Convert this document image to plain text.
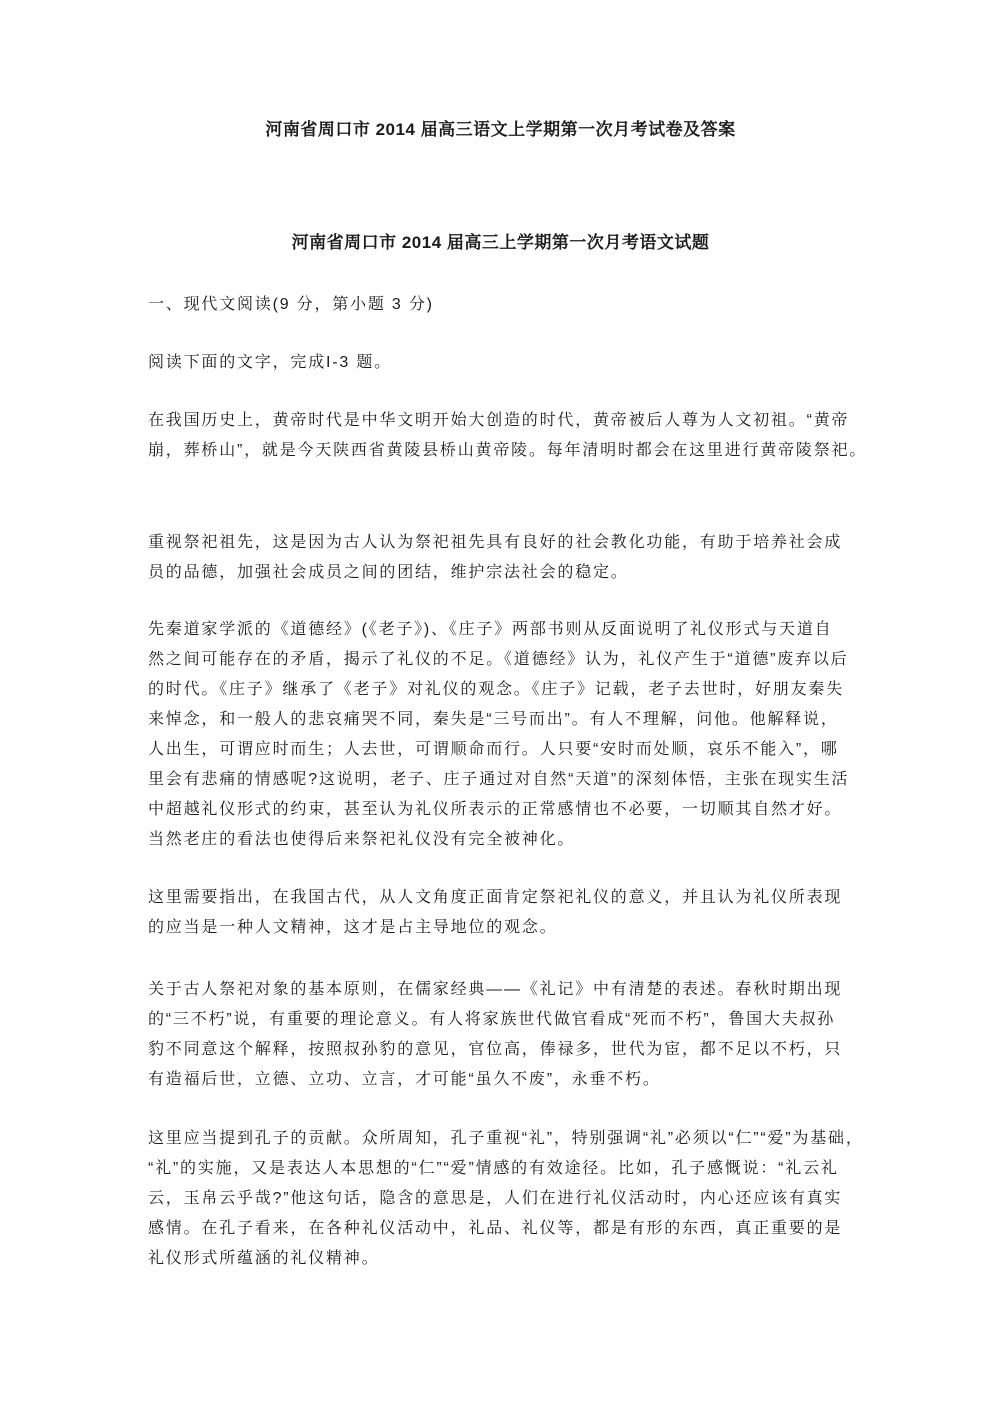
河南省周口市 2014 届高三语文上学期第一次月考试卷及答案
河南省周口市 2014 届高三上学期第一次月考语文试题
一、现代文阅读(9 分，第小题 3 分)
阅读下面的文字，完成I-3 题。
在我国历史上，黄帝时代是中华文明开始大创造的时代，黄帝被后人尊为人文初祖。“黄帝
崩，葬桥山”，就是今天陕西省黄陵县桥山黄帝陵。每年清明时都会在这里进行黄帝陵祭祀。
重视祭祀祖先，这是因为古人认为祭祀祖先具有良好的社会教化功能，有助于培养社会成
员的品德，加强社会成员之间的团结，维护宗法社会的稳定。
先秦道家学派的《道德经》(《老子》)、《庄子》两部书则从反面说明了礼仪形式与天道自
然之间可能存在的矛盾，揭示了礼仪的不足。《道德经》认为，礼仪产生于“道德”废弃以后
的时代。《庄子》继承了《老子》对礼仪的观念。《庄子》记载，老子去世时，好朋友秦失
来悼念，和一般人的悲哀痛哭不同，秦失是“三号而出”。有人不理解，问他。他解释说，
人出生，可谓应时而生；人去世，可谓顺命而行。人只要“安时而处顺，哀乐不能入”，哪
里会有悲痛的情感呢?这说明，老子、庄子通过对自然“天道”的深刻体悟，主张在现实生活
中超越礼仪形式的约束，甚至认为礼仪所表示的正常感情也不必要，一切顺其自然才好。
当然老庄的看法也使得后来祭祀礼仪没有完全被神化。
这里需要指出，在我国古代，从人文角度正面肯定祭祀礼仪的意义，并且认为礼仪所表现
的应当是一种人文精神，这才是占主导地位的观念。
关于古人祭祀对象的基本原则，在儒家经典——《礼记》中有清楚的表述。春秋时期出现
的“三不朽”说，有重要的理论意义。有人将家族世代做官看成“死而不朽”，鲁国大夫叔孙
豹不同意这个解释，按照叔孙豹的意见，官位高，俸禄多，世代为宦，都不足以不朽，只
有造福后世，立德、立功、立言，才可能“虽久不废”，永垂不朽。
这里应当提到孔子的贡献。众所周知，孔子重视“礼”，特别强调“礼”必须以“仁”“爱”为基础，
“礼”的实施，又是表达人本思想的“仁”“爱”情感的有效途径。比如，孔子感慨说：“礼云礼
云，玉帛云乎哉?”他这句话，隐含的意思是，人们在进行礼仪活动时，内心还应该有真实
感情。在孔子看来，在各种礼仪活动中，礼品、礼仪等，都是有形的东西，真正重要的是
礼仪形式所蕴涵的礼仪精神。
